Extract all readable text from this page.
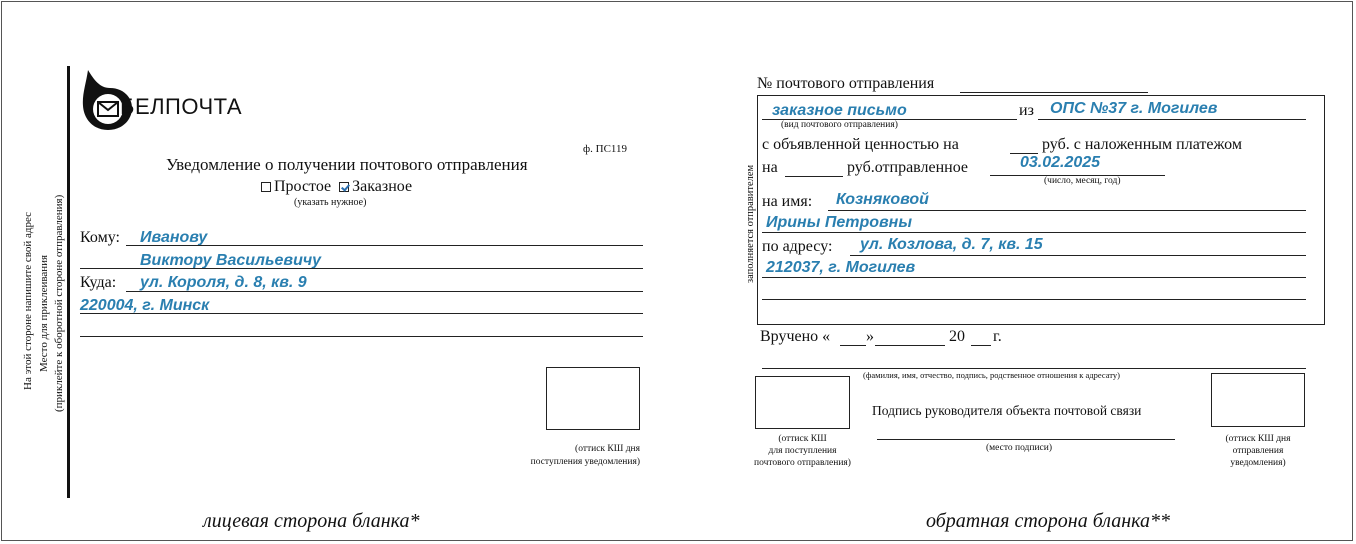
На этой стороне напишите свой адрес Место для приклеивания (приклейте к оборотной стороне отправления)
БЕЛПОЧТА
ф. ПС119
Уведомление о получении почтового отправления
Простое Заказное
(указать нужное)
Кому: Иванову
Виктору Васильевичу
Куда: ул. Короля, д. 8, кв. 9
220004, г. Минск
(оттиск КШ дня
поступления уведомления)
лицевая сторона бланка*
№ почтового отправления
заполняется отправителем
заказное письмо
(вид почтового отправления)
из ОПС №37 г. Могилев
с объявленной ценностью на	руб. с наложенным платежом
на	руб.отправленное	03.02.2025
(число, месяц, год)
на имя: Козняковой
Ирины Петровны
по адресу: ул. Козлова, д. 7, кв. 15
212037, г. Могилев
Вручено « »	20 г.
(фамилия, имя, отчество, подпись, родственное отношения к адресату)
(оттиск КШ
для поступления
почтового отправления)
Подпись руководителя объекта почтовой связи
(место подписи)
(оттиск КШ дня
отправления
уведомления)
обратная сторона бланка**
